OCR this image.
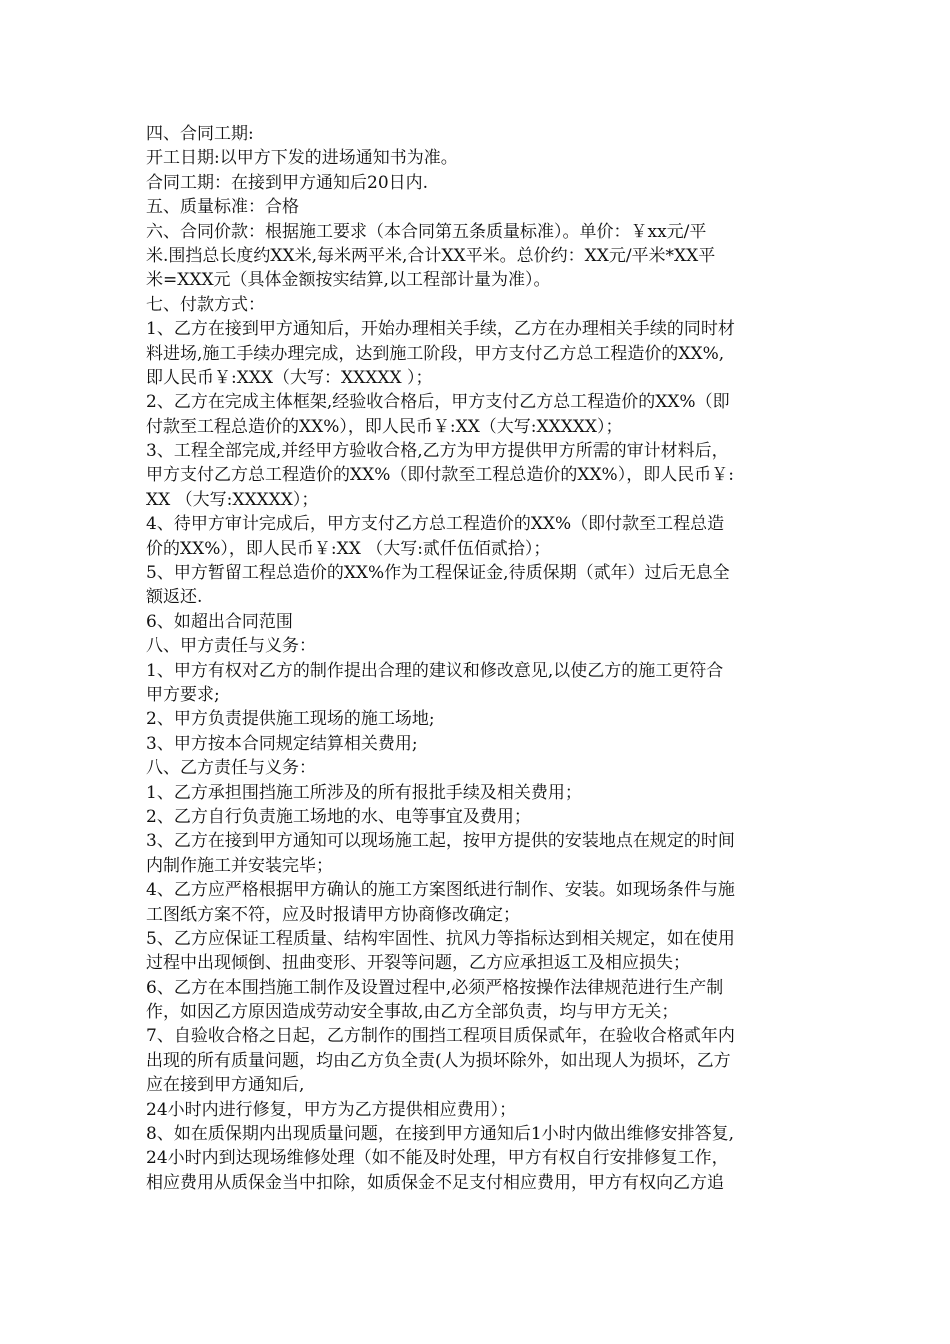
四、合同工期:
开工日期:以甲方下发的进场通知书为准。
合同工期：在接到甲方通知后20日内.
五、质量标准：合格
六、合同价款：根据施工要求（本合同第五条质量标准）。单价：￥xx元/平
米.围挡总长度约XX米,每米两平米,合计XX平米。总价约：XX元/平米*XX平
米=XXX元（具体金额按实结算,以工程部计量为准）。
七、付款方式：
1、乙方在接到甲方通知后，开始办理相关手续，乙方在办理相关手续的同时材
料进场,施工手续办理完成，达到施工阶段，甲方支付乙方总工程造价的XX%,
即人民币￥:XXX（大写：XXXXX ）；
2、乙方在完成主体框架,经验收合格后，甲方支付乙方总工程造价的XX%（即
付款至工程总造价的XX%），即人民币￥:XX（大写:XXXXX）；
3、工程全部完成,并经甲方验收合格,乙方为甲方提供甲方所需的审计材料后，
甲方支付乙方总工程造价的XX%（即付款至工程总造价的XX%），即人民币￥:
XX （大写:XXXXX）；
4、待甲方审计完成后，甲方支付乙方总工程造价的XX%（即付款至工程总造
价的XX%），即人民币￥:XX （大写:贰仟伍佰贰拾）；
5、甲方暂留工程总造价的XX%作为工程保证金,待质保期（贰年）过后无息全
额返还.
6、如超出合同范围
八、甲方责任与义务：
1、甲方有权对乙方的制作提出合理的建议和修改意见,以使乙方的施工更符合
甲方要求;
2、甲方负责提供施工现场的施工场地;
3、甲方按本合同规定结算相关费用;
八、乙方责任与义务：
1、乙方承担围挡施工所涉及的所有报批手续及相关费用；
2、乙方自行负责施工场地的水、电等事宜及费用；
3、乙方在接到甲方通知可以现场施工起，按甲方提供的安装地点在规定的时间
内制作施工并安装完毕；
4、乙方应严格根据甲方确认的施工方案图纸进行制作、安装。如现场条件与施
工图纸方案不符，应及时报请甲方协商修改确定；
5、乙方应保证工程质量、结构牢固性、抗风力等指标达到相关规定，如在使用
过程中出现倾倒、扭曲变形、开裂等问题，乙方应承担返工及相应损失；
6、乙方在本围挡施工制作及设置过程中,必须严格按操作法律规范进行生产制
作，如因乙方原因造成劳动安全事故,由乙方全部负责，均与甲方无关；
7、自验收合格之日起，乙方制作的围挡工程项目质保贰年，在验收合格贰年内
出现的所有质量问题，均由乙方负全责(人为损坏除外，如出现人为损坏，乙方
应在接到甲方通知后,
24小时内进行修复，甲方为乙方提供相应费用）；
8、如在质保期内出现质量问题，在接到甲方通知后1小时内做出维修安排答复,
24小时内到达现场维修处理（如不能及时处理，甲方有权自行安排修复工作，
相应费用从质保金当中扣除，如质保金不足支付相应费用，甲方有权向乙方追
